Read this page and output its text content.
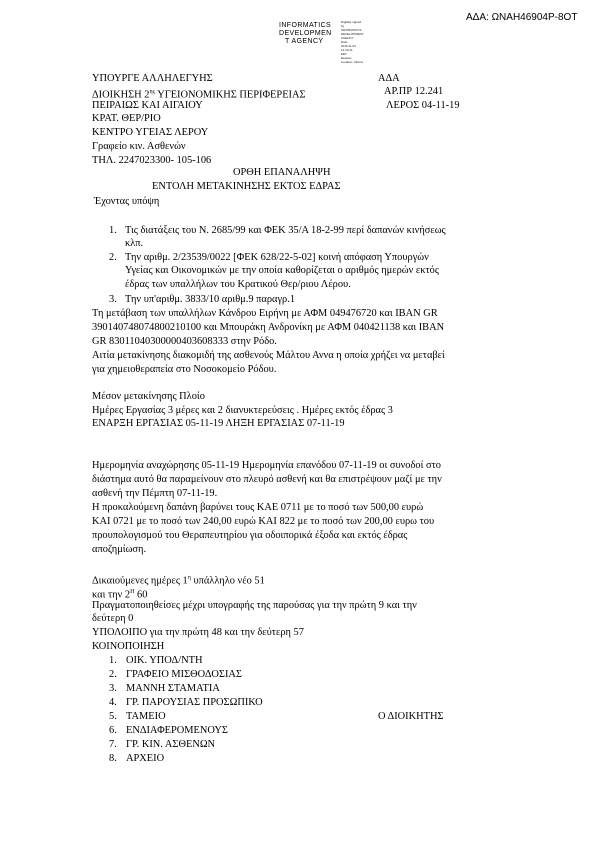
ΑΔΑ: ΩΝΑΗ46904Ρ-8ΟΤ
INFORMATICS
DEVELOPMEN
T AGENCY
Digitally signed by
INFORMATICS
DEVELOPMENT AGENCY
Date: 2019.11.04 12:10:41
EET
Reason:
Location: Athens
ΥΠΟΥΡΓΕ ΑΛΛΗΛΕΓΥΗΣ
ΔΙΟΙΚΗΣΗ $2^{\eta\varsigma}$ ΥΓΕΙΟΝΟΜΙΚΗΣ ΠΕΡΙΦΕΡΕΙΑΣ
ΠΕΙΡΑΙΩΣ ΚΑΙ ΑΙΓΑΙΟΥ
ΚΡΑΤ. ΘΕΡ/ΡΙΟ
ΚΕΝΤΡΟ ΥΓΕΙΑΣ ΛΕΡΟΥ
Γραφείο κιν. Ασθενών
ΤΗΛ. 2247023300- 105-106
ΑΔΑ
ΑΡ.ΠΡ 12.241
ΛΕΡΟΣ 04-11-19
ΟΡΘΗ ΕΠΑΝΑΛΗΨΗ
ΕΝΤΟΛΗ ΜΕΤΑΚΙΝΗΣΗΣ ΕΚΤΟΣ ΕΔΡΑΣ
Έχοντας υπόψη
1. Τις διατάξεις του Ν. 2685/99 και ΦΕΚ 35/Α 18-2-99 περί δαπανών κινήσεως
κλπ.
2. Την αριθμ. 2/23539/0022 [ΦΕΚ 628/22-5-02] κοινή απόφαση Υπουργών
Υγείας και Οικονομικών με την οποία καθορίζεται ο αριθμός ημερών εκτός
έδρας των υπαλλήλων του Κρατικού Θερ/ριου Λέρου.
3. Την υπ'αριθμ. 3833/10 αριθμ.9 παραγρ.1
Τη μετάβαση των υπαλλήλων Κάνδρου Ειρήνη με ΑΦΜ 049476720 και IBAN GR
39014074807480021010​0 και Μπουράκη Ανδρονίκη με ΑΦΜ 040421138 και IBAN
GR 83011040300000403608333 στην Ρόδο.
Αιτία μετακίνησης διακομιδή της ασθενούς Μάλτου Αννα η οποία χρήζει να μεταβεί
για χημειοθεραπεία στο Νοσοκομείο Ρόδου.
Μέσον μετακίνησης Πλοίο
Ημέρες Εργασίας 3 μέρες και 2 διανυκτερεύσεις . Ημέρες εκτός έδρας 3
ΕΝΑΡΞΗ ΕΡΓΑΣΙΑΣ 05-11-19 ΛΗΞΗ ΕΡΓΑΣΙΑΣ 07-11-19
Ημερομηνία αναχώρησης 05-11-19 Ημερομηνία επανόδου 07-11-19 οι συνοδοί στο
διάστημα αυτό θα παραμείνουν στο πλευρό ασθενή και θα επιστρέψουν μαζί με την
ασθενή την Πέμπτη 07-11-19.
Η προκαλούμενη δαπάνη βαρύνει τους ΚΑΕ 0711 με το ποσό των 500,00 ευρώ
ΚΑΙ 0721 με το ποσό των 240,00 ευρώ ΚΑΙ 822 με το ποσό των 200,00 ευρω του
προυπολογισμού του Θεραπευτηρίου για οδοιπορικά έξοδα και εκτός έδρας
αποζημίωση.
Δικαιούμενες ημέρες $1^\eta$ υπάλληλο νέο 51
και την $2^H$ 60
Πραγματοποιηθείσες μέχρι υπογραφής της παρούσας για την πρώτη 9 και την
δεύτερη 0
ΥΠΟΛΟΙΠΟ για την πρώτη 48 και την δεύτερη 57
ΚΟΙΝΟΠΟΙΗΣΗ
1. ΟΙΚ. ΥΠΟΔ/ΝΤΗ
2. ΓΡΑΦΕΙΟ ΜΙΣΘΟΔΟΣΙΑΣ
3. ΜΑΝΝΗ ΣΤΑΜΑΤΙΑ
4. ΓΡ. ΠΑΡΟΥΣΙΑΣ ΠΡΟΣΩΠΙΚΟ
5. ΤΑΜΕΙΟ	Ο ΔΙΟΙΚΗΤΗΣ
6. ΕΝΔΙΑΦΕΡΟΜΕΝΟΥΣ
7. ΓΡ. ΚΙΝ. ΑΣΘΕΝΩΝ
8. ΑΡΧΕΙΟ
